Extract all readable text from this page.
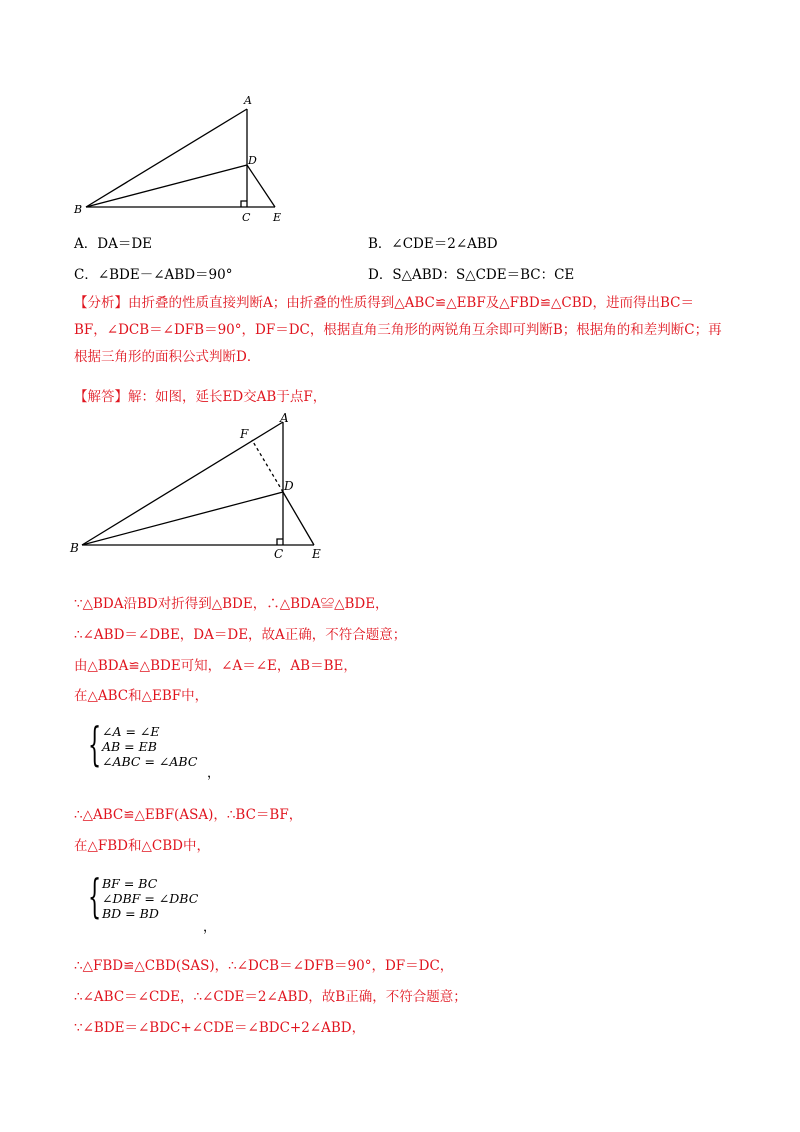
A
D
B
C E
A．DA＝DE	B．∠CDE＝2∠ABD
C．∠BDE－∠ABD＝90°	D．S△ABD：S△CDE＝BC：CE
【分析】由折叠的性质直接判断A；由折叠的性质得到△ABC≌△EBF及△FBD≌△CBD，进而得出BC＝BF，∠DCB＝∠DFB＝90°，DF＝DC，根据直角三角形的两锐角互余即可判断B；根据角的和差判断C；再根据三角形的面积公式判断D．
【解答】解：如图，延长ED交AB于点F，
A
F
D
B	C E
∵△BDA沿BD对折得到△BDE，∴△BDA≌△BDE，
∴∠ABD＝∠DBE，DA＝DE，故A正确，不符合题意；
由△BDA≌△BDE可知，∠A＝∠E，AB＝BE，
在△ABC和△EBF中，
{ ∠A = ∠E
AB = EB
∠ABC = ∠ABC
，
∴△ABC≌△EBF(ASA)，∴BC＝BF，
在△FBD和△CBD中，
{ BF = BC
∠DBF = ∠DBC
BD = BD
，
∴△FBD≌△CBD(SAS)，∴∠DCB＝∠DFB＝90°，DF＝DC，
∴∠ABC＝∠CDE，∴∠CDE＝2∠ABD，故B正确，不符合题意；
∵∠BDE＝∠BDC+∠CDE＝∠BDC+2∠ABD，
